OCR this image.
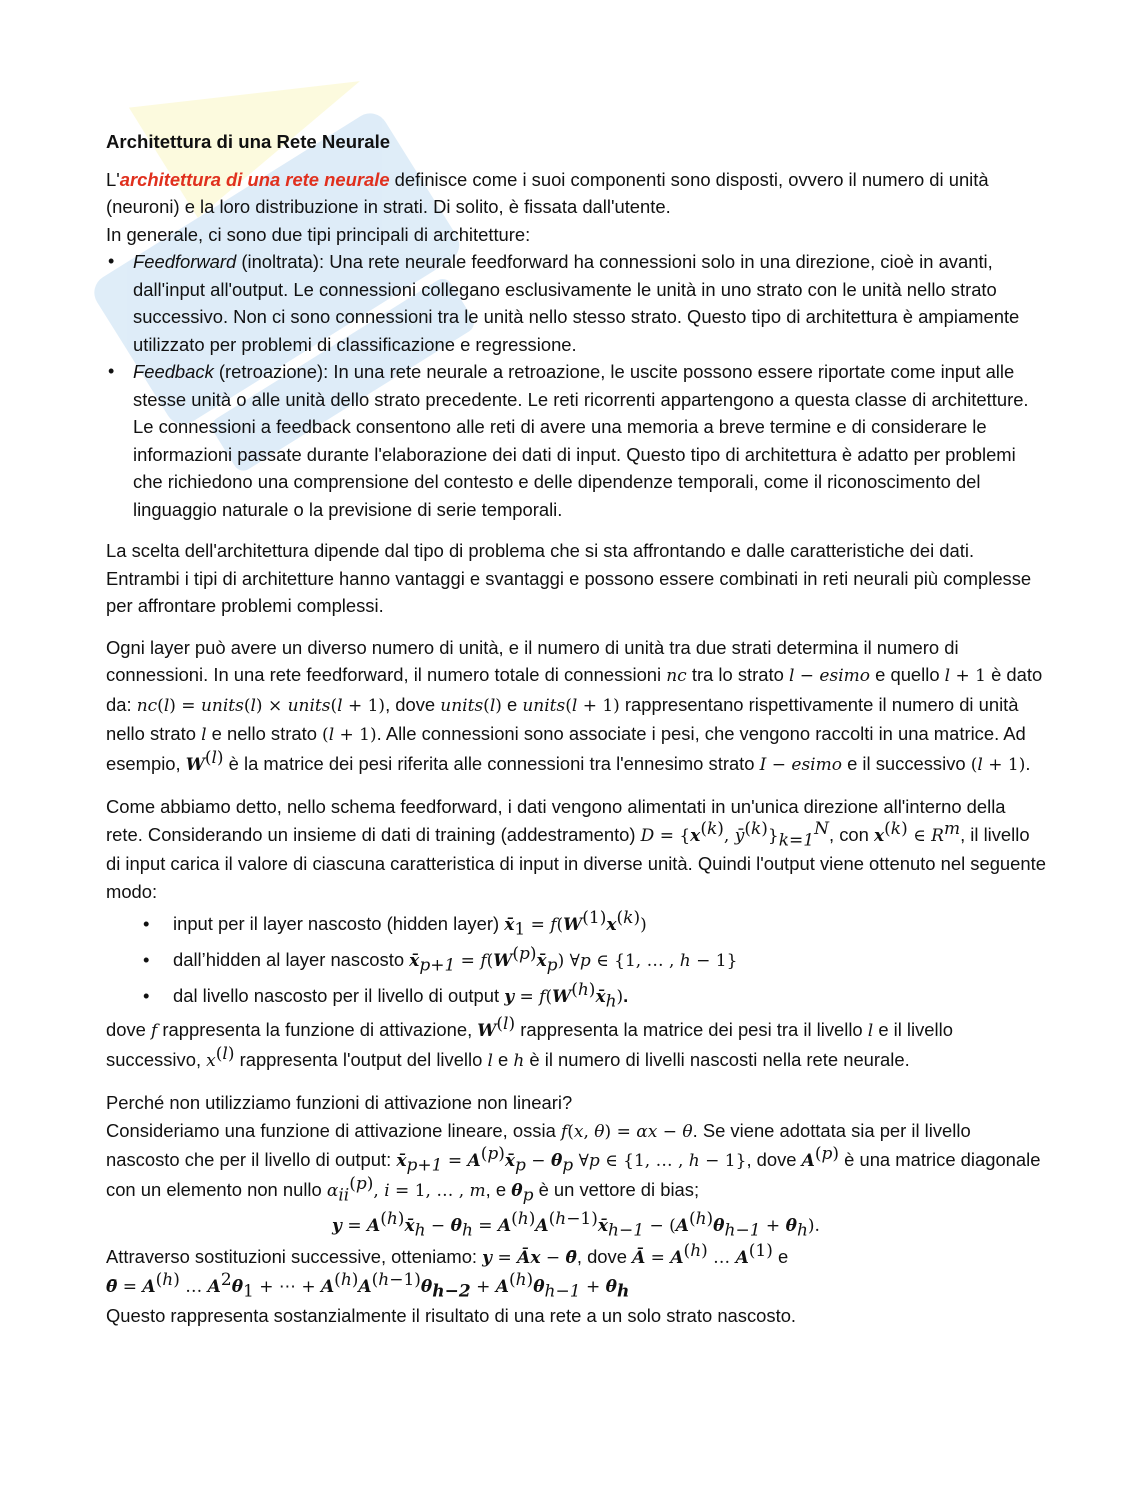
Architettura di una Rete Neurale

L'architettura di una rete neurale definisce come i suoi componenti sono disposti, ovvero il numero di unità (neuroni) e la loro distribuzione in strati. Di solito, è fissata dall'utente.

In generale, ci sono due tipi principali di architetture:

• Feedforward (inoltrata): Una rete neurale feedforward ha connessioni solo in una direzione, cioè in avanti, dall'input all'output. Le connessioni collegano esclusivamente le unità in uno strato con le unità nello strato successivo. Non ci sono connessioni tra le unità nello stesso strato. Questo tipo di architettura è ampiamente utilizzato per problemi di classificazione e regressione.
• Feedback (retroazione): In una rete neurale a retroazione, le uscite possono essere riportate come input alle stesse unità o alle unità dello strato precedente. Le reti ricorrenti appartengono a questa classe di architetture. Le connessioni a feedback consentono alle reti di avere una memoria a breve termine e di considerare le informazioni passate durante l'elaborazione dei dati di input. Questo tipo di architettura è adatto per problemi che richiedono una comprensione del contesto e delle dipendenze temporali, come il riconoscimento del linguaggio naturale o la previsione di serie temporali.

La scelta dell'architettura dipende dal tipo di problema che si sta affrontando e dalle caratteristiche dei dati. Entrambi i tipi di architetture hanno vantaggi e svantaggi e possono essere combinati in reti neurali più complesse per affrontare problemi complessi.

Ogni layer può avere un diverso numero di unità, e il numero di unità tra due strati determina il numero di connessioni. In una rete feedforward, il numero totale di connessioni nc tra lo strato l − esimo e quello l + 1 è dato da: nc(l) = units(l) × units(l + 1), dove units(l) e units(l + 1) rappresentano rispettivamente il numero di unità nello strato l e nello strato (l + 1). Alle connessioni sono associate i pesi, che vengono raccolti in una matrice. Ad esempio, $W^{(l)}$ è la matrice dei pesi riferita alle connessioni tra l'ennesimo strato I − esimo e il successivo (l + 1).

Come abbiamo detto, nello schema feedforward, i dati vengono alimentati in un'unica direzione all'interno della rete. Considerando un insieme di dati di training (addestramento) $D = \{x^{(k)}$, $ȳ^{(k)}\}_{k=1}^N$, con $x^{(k)}$ ∈ $R^m$, il livello di input carica il valore di ciascuna caratteristica di input in diverse unità. Quindi l'output viene ottenuto nel seguente modo:

• input per il layer nascosto (hidden layer) $x̄_1 = f(W^{(1)}x^{(k)})$
• dall’hidden al layer nascosto $x̄_{p+1}$ = $f(W^{(p)}x̄_p)$ ∀p ∈ {1, … , h − 1}
• dal livello nascosto per il livello di output $y = f(W^{(h)}x̄_h)$.

dove f rappresenta la funzione di attivazione, $W^{(l)}$ rappresenta la matrice dei pesi tra il livello l e il livello successivo, $x^{(l)}$ rappresenta l'output del livello l e h è il numero di livelli nascosti nella rete neurale.

Perché non utilizziamo funzioni di attivazione non lineari?

Consideriamo una funzione di attivazione lineare, ossia f(x, θ) = αx − θ. Se viene adottata sia per il livello nascosto che per il livello di output: $x̄_{p+1}$ = $A^{(p)}x̄_p - \theta_p$ ∀p ∈ {1, … , h − 1}, dove $A^{(p)}$ è una matrice diagonale con un elemento non nullo $\alpha_{ii}^{(p)}$, i = 1, … , m, e $\theta_p$ è un vettore di bias;

$y = A^{(h)}x̄_h - \theta_h$ = $A^{(h)}A^{(h-1)}x̄_{h-1} - (A^{(h)}\theta_{h-1} + \theta_h)$.

Attraverso sostituzioni successive, otteniamo: y = Āx − θ̄, dove Ā = $A^{(h)}$ … $A^{(1)}$ e

θ̄ = $A^{(h)}$ … $A^2\theta_1$ + ⋯ + $A^{(h)}A^{(h-1)}\theta_{h-2} + A^{(h)}\theta_{h-1} + \theta_h$

Questo rappresenta sostanzialmente il risultato di una rete a un solo strato nascosto.
